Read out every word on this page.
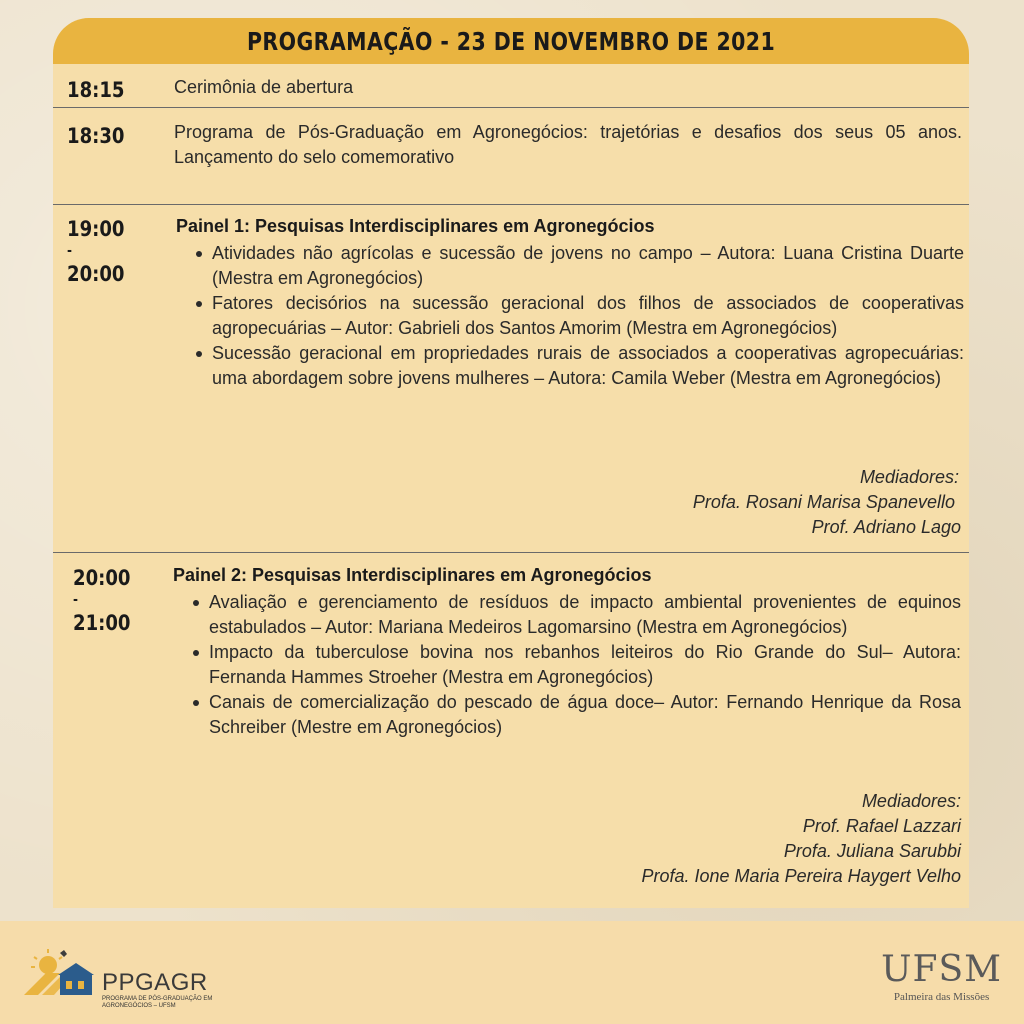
PROGRAMAÇÃO - 23 DE NOVEMBRO DE 2021
18:15	Cerimônia de abertura
18:30	Programa de Pós-Graduação em Agronegócios: trajetórias e desafios dos seus 05 anos. Lançamento do selo comemorativo
19:00
-
20:00
Painel 1: Pesquisas Interdisciplinares em Agronegócios
Atividades não agrícolas e sucessão de jovens no campo – Autora: Luana Cristina Duarte (Mestra em Agronegócios)
Fatores decisórios na sucessão geracional dos filhos de associados de cooperativas agropecuárias – Autor: Gabrieli dos Santos Amorim (Mestra em Agronegócios)
Sucessão geracional em propriedades rurais de associados a cooperativas agropecuárias: uma abordagem sobre jovens mulheres – Autora: Camila Weber (Mestra em Agronegócios)
Mediadores:
Profa. Rosani Marisa Spanevello
Prof. Adriano Lago
20:00
-
21:00
Painel 2: Pesquisas Interdisciplinares em Agronegócios
Avaliação e gerenciamento de resíduos de impacto ambiental provenientes de equinos estabulados – Autor: Mariana Medeiros Lagomarsino (Mestra em Agronegócios)
Impacto da tuberculose bovina nos rebanhos leiteiros do Rio Grande do Sul– Autora: Fernanda Hammes Stroeher (Mestra em Agronegócios)
Canais de comercialização do pescado de água doce– Autor: Fernando Henrique da Rosa Schreiber (Mestre em Agronegócios)
Mediadores:
Prof. Rafael Lazzari
Profa. Juliana Sarubbi
Profa. Ione Maria Pereira Haygert Velho
PPGAGR
PROGRAMA DE PÓS-GRADUAÇÃO EM AGRONEGÓCIOS – UFSM
UFSM
Palmeira das Missões
